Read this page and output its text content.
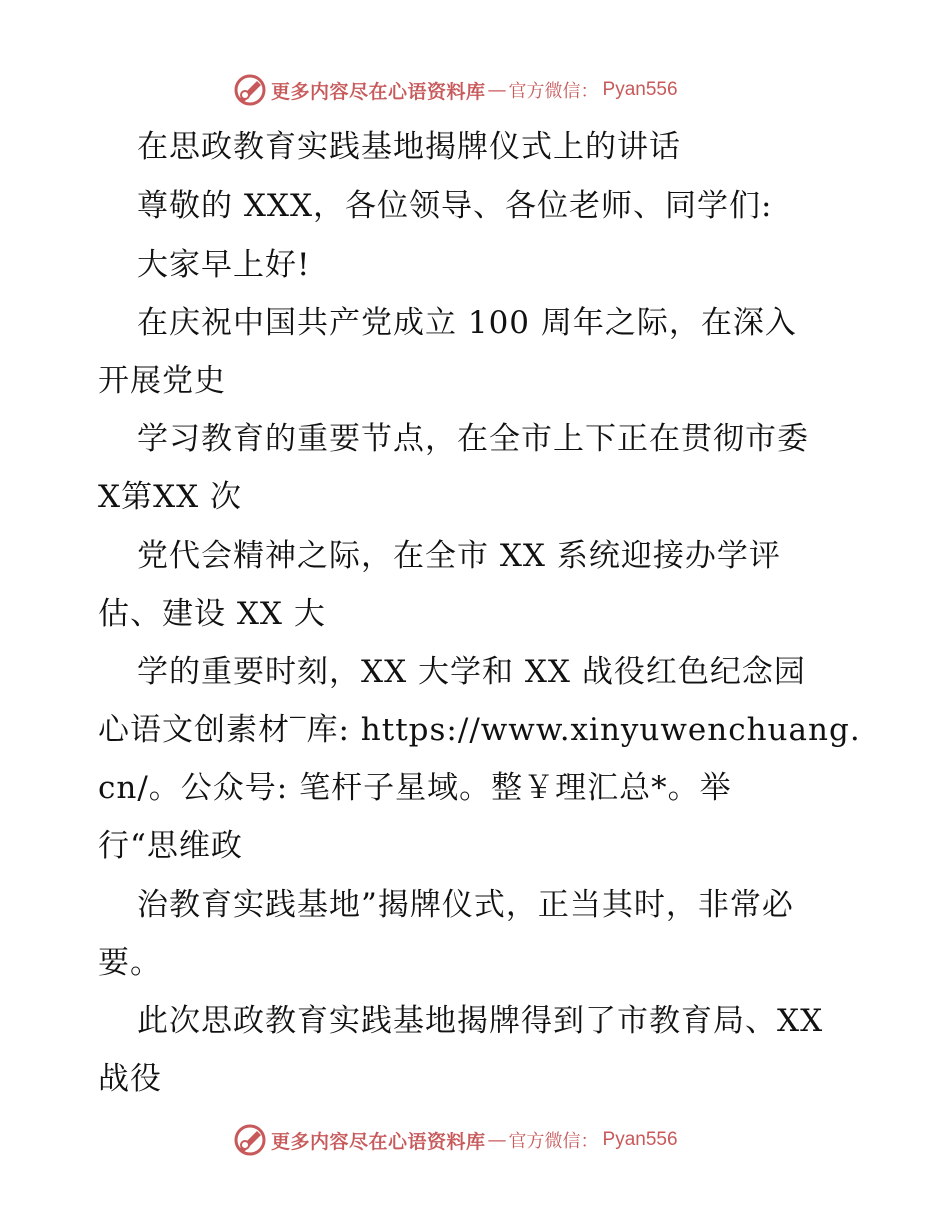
更多内容尽在心语资料库 — 官方微信： Pyan556
在思政教育实践基地揭牌仪式上的讲话
尊敬的 XXX，各位领导、各位老师、同学们:
大家早上好!
在庆祝中国共产党成立 100 周年之际，在深入
开展党史
学习教育的重要节点，在全市上下正在贯彻市委
X第XX 次
党代会精神之际，在全市 XX 系统迎接办学评
估、建设 XX 大
学的重要时刻，XX 大学和 XX 战役红色纪念园
心语文创素材‾库: https://www.xinyuwenchuang.
cn/。公众号: 笔杆子星域。整￥理汇总*。举
行“思维政
治教育实践基地”揭牌仪式，正当其时，非常必
要。
此次思政教育实践基地揭牌得到了市教育局、XX
战役
更多内容尽在心语资料库 — 官方微信： Pyan556
